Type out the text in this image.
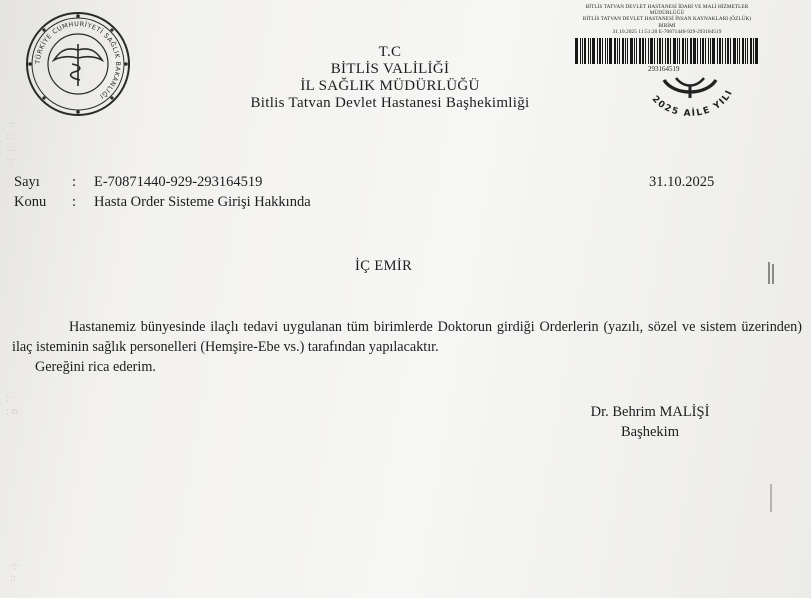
·:·
::
·.:
·:·
:·
: o
·:·
::
TÜRKİYE CUMHURİYETİ SAĞLIK BAKANLIĞI
T.C
BİTLİS VALİLİĞİ
İL SAĞLIK MÜDÜRLÜĞÜ
Bitlis Tatvan Devlet Hastanesi Başhekimliği
BİTLİS TATVAN DEVLET HASTANESİ İDARİ VE MALİ HİZMETLER
MÜDÜRLÜĞÜ
BİTLİS TATVAN DEVLET HASTANESİ İNSAN KAYNAKLARI (ÖZLÜK)
BİRİMİ
31.10.2025 11:51:20 E-70871440-929-293164519
293164519
2025 AİLE YILI
Sayı	:	E-70871440-929-293164519
Konu	:	Hasta Order Sisteme Girişi Hakkında
31.10.2025
İÇ EMİR
Hastanemiz bünyesinde ilaçlı tedavi uygulanan tüm birimlerde Doktorun girdiği Orderlerin (yazılı, sözel ve sistem üzerinden) ilaç isteminin sağlık personelleri (Hemşire-Ebe vs.) tarafından yapılacaktır.
Gereğini rica ederim.
Dr. Behrim MALİŞİ
Başhekim
